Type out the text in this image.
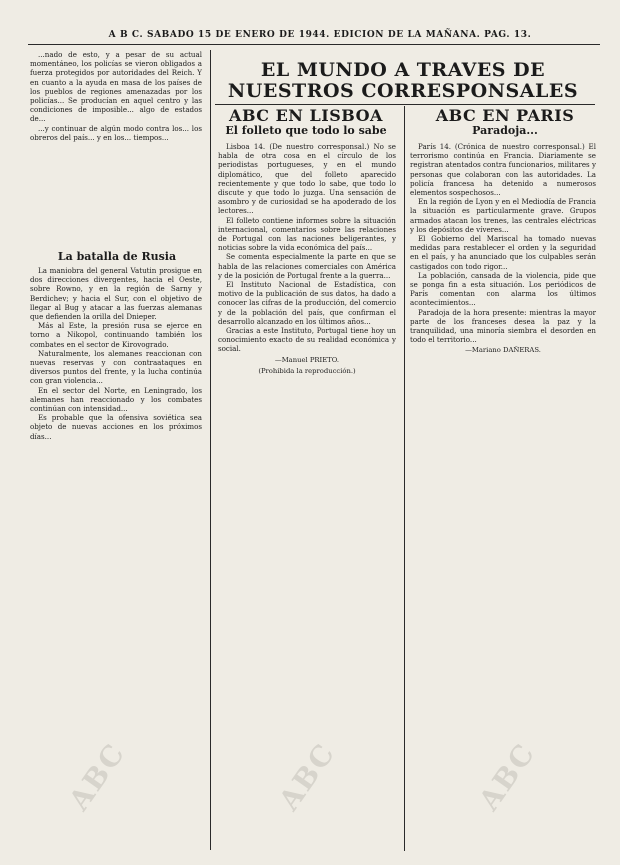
A B C. SABADO 15 DE ENERO DE 1944. EDICION DE LA MAÑANA. PAG. 13.

...nado de esto, y a pesar de su actual momentáneo, los policías se vieron obligados a fuerza protegidos por autoridades del Reich. Y en cuanto a la ayuda en masa de los países de los pueblos de regiones amenazadas por los policías... Se producían en aquel centro y las condiciones de imposible... algo de estados de...

...y continuar de algún modo contra los... los obreros del país... y en los... tiempos...

La batalla de Rusia

La maniobra del general Vatutin prosigue en dos direcciones divergentes, hacia el Oeste, sobre Rowno, y en la región de Sarny y Berdichev; y hacia el Sur, con el objetivo de llegar al Bug y atacar a las fuerzas alemanas que defienden la orilla del Dnieper.

Más al Este, la presión rusa se ejerce en torno a Nikopol, continuando también los combates en el sector de Kirovogrado.

Naturalmente, los alemanes reaccionan con nuevas reservas y con contraataques en diversos puntos del frente, y la lucha continúa con gran violencia...

En el sector del Norte, en Leningrado, los alemanes han reaccionado y los combates continúan con intensidad...

Es probable que la ofensiva soviética sea objeto de nuevas acciones en los próximos días...

EL MUNDO A TRAVES DE NUESTROS CORRESPONSALES
ABC EN LISBOA
El folleto que todo lo sabe

Lisboa 14. (De nuestro corresponsal.) No se habla de otra cosa en el círculo de los periodistas portugueses, y en el mundo diplomático, que del folleto aparecido recientemente y que todo lo sabe, que todo lo discute y que todo lo juzga. Una sensación de asombro y de curiosidad se ha apoderado de los lectores...

El folleto contiene informes sobre la situación internacional, comentarios sobre las relaciones de Portugal con las naciones beligerantes, y noticias sobre la vida económica del país...

Se comenta especialmente la parte en que se habla de las relaciones comerciales con América y de la posición de Portugal frente a la guerra...

El Instituto Nacional de Estadística, con motivo de la publicación de sus datos, ha dado a conocer las cifras de la producción, del comercio y de la población del país, que confirman el desarrollo alcanzado en los últimos años...

Gracias a este Instituto, Portugal tiene hoy un conocimiento exacto de su realidad económica y social.

—Manuel PRIETO.
(Prohibida la reproducción.)
ABC EN PARIS
Paradoja...

París 14. (Crónica de nuestro corresponsal.) El terrorismo continúa en Francia. Diariamente se registran atentados contra funcionarios, militares y personas que colaboran con las autoridades. La policía francesa ha detenido a numerosos elementos sospechosos...

En la región de Lyon y en el Mediodía de Francia la situación es particularmente grave. Grupos armados atacan los trenes, las centrales eléctricas y los depósitos de víveres...

El Gobierno del Mariscal ha tomado nuevas medidas para restablecer el orden y la seguridad en el país, y ha anunciado que los culpables serán castigados con todo rigor...

La población, cansada de la violencia, pide que se ponga fin a esta situación. Los periódicos de París comentan con alarma los últimos acontecimientos...

Paradoja de la hora presente: mientras la mayor parte de los franceses desea la paz y la tranquilidad, una minoría siembra el desorden en todo el territorio...

—Mariano DAÑERAS.
ABC	ABC	ABC
